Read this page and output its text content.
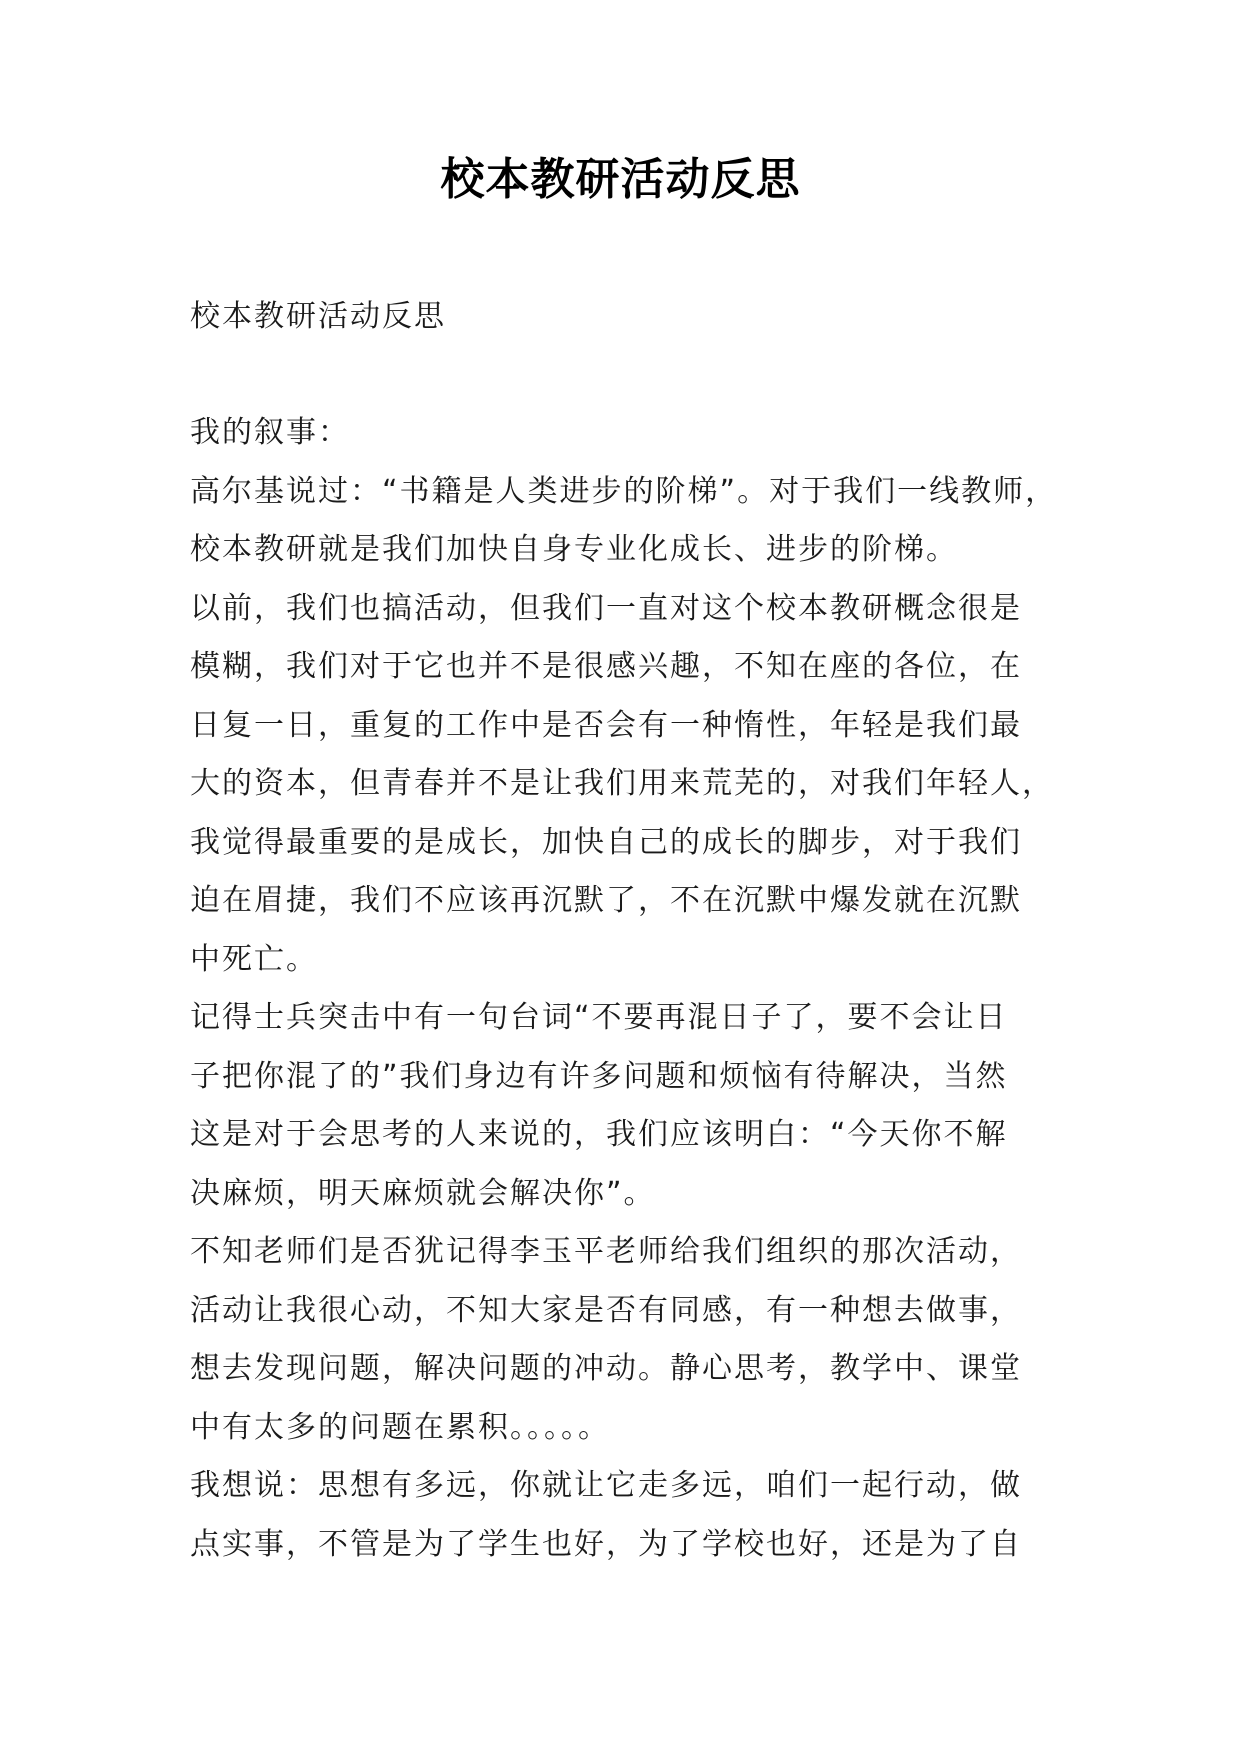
校本教研活动反思
校本教研活动反思

我的叙事：

高尔基说过：“书籍是人类进步的阶梯”。对于我们一线教师，
校本教研就是我们加快自身专业化成长、进步的阶梯。

以前，我们也搞活动，但我们一直对这个校本教研概念很是
模糊，我们对于它也并不是很感兴趣，不知在座的各位，在
日复一日，重复的工作中是否会有一种惰性，年轻是我们最
大的资本，但青春并不是让我们用来荒芜的，对我们年轻人，
我觉得最重要的是成长，加快自己的成长的脚步，对于我们
迫在眉捷，我们不应该再沉默了，不在沉默中爆发就在沉默
中死亡。

记得士兵突击中有一句台词“不要再混日子了，要不会让日
子把你混了的”我们身边有许多问题和烦恼有待解决，当然
这是对于会思考的人来说的，我们应该明白：“今天你不解
决麻烦，明天麻烦就会解决你”。

不知老师们是否犹记得李玉平老师给我们组织的那次活动，
活动让我很心动，不知大家是否有同感，有一种想去做事，
想去发现问题，解决问题的冲动。静心思考，教学中、课堂
中有太多的问题在累积。。。。。

我想说：思想有多远，你就让它走多远，咱们一起行动，做
点实事，不管是为了学生也好，为了学校也好，还是为了自
